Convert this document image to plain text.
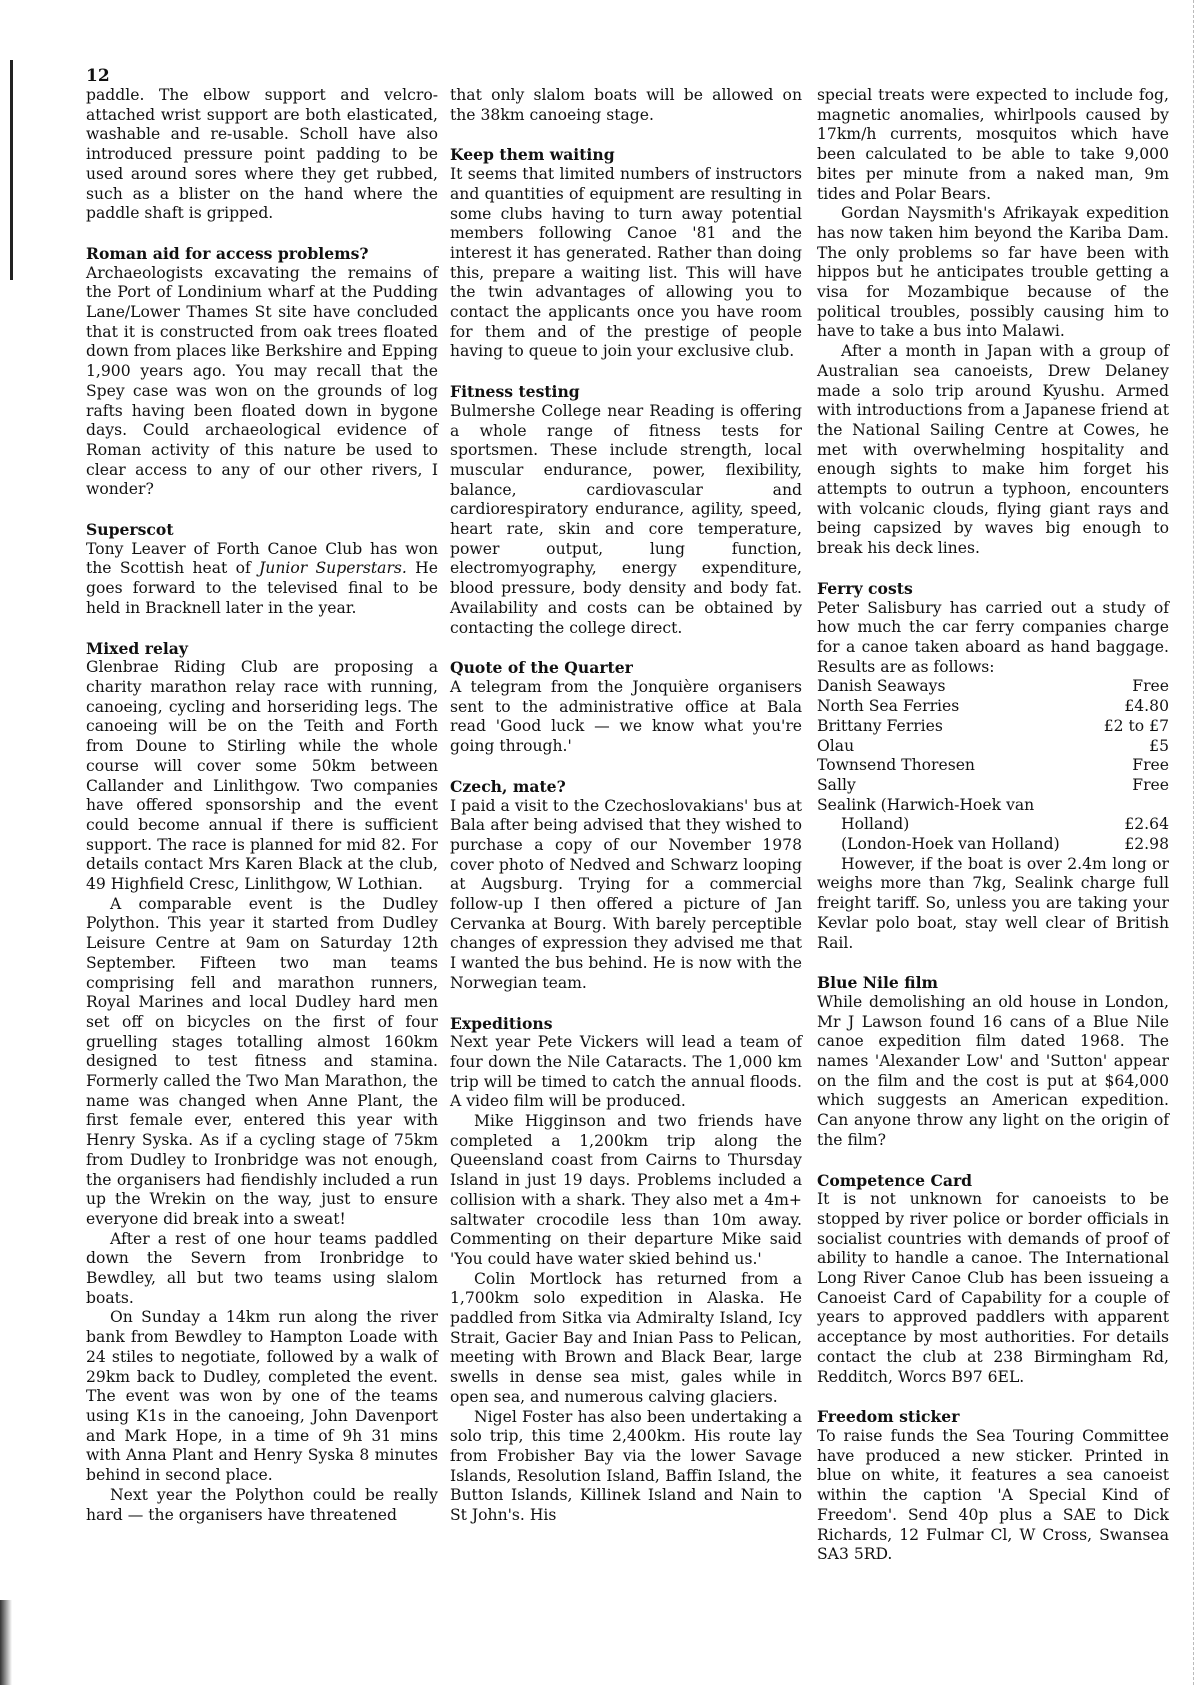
12

paddle. The elbow support and velcro-attached wrist support are both elasticated, washable and re-usable. Scholl have also introduced pressure point padding to be used around sores where they get rubbed, such as a blister on the hand where the paddle shaft is gripped.

Roman aid for access problems?

Archaeologists excavating the remains of the Port of Londinium wharf at the Pudding Lane/Lower Thames St site have concluded that it is constructed from oak trees floated down from places like Berkshire and Epping 1,900 years ago. You may recall that the Spey case was won on the grounds of log rafts having been floated down in bygone days. Could archaeological evidence of Roman activity of this nature be used to clear access to any of our other rivers, I wonder?

Superscot

Tony Leaver of Forth Canoe Club has won the Scottish heat of Junior Superstars. He goes forward to the televised final to be held in Bracknell later in the year.

Mixed relay

Glenbrae Riding Club are proposing a charity marathon relay race with running, canoeing, cycling and horseriding legs. The canoeing will be on the Teith and Forth from Doune to Stirling while the whole course will cover some 50km between Callander and Linlithgow. Two companies have offered sponsorship and the event could become annual if there is sufficient support. The race is planned for mid 82. For details contact Mrs Karen Black at the club, 49 Highfield Cresc, Linlithgow, W Lothian.

A comparable event is the Dudley Polython. This year it started from Dudley Leisure Centre at 9am on Saturday 12th September. Fifteen two man teams comprising fell and marathon runners, Royal Marines and local Dudley hard men set off on bicycles on the first of four gruelling stages totalling almost 160km designed to test fitness and stamina. Formerly called the Two Man Marathon, the name was changed when Anne Plant, the first female ever, entered this year with Henry Syska. As if a cycling stage of 75km from Dudley to Ironbridge was not enough, the organisers had fiendishly included a run up the Wrekin on the way, just to ensure everyone did break into a sweat!

After a rest of one hour teams paddled down the Severn from Ironbridge to Bewdley, all but two teams using slalom boats.

On Sunday a 14km run along the river bank from Bewdley to Hampton Loade with 24 stiles to negotiate, followed by a walk of 29km back to Dudley, completed the event. The event was won by one of the teams using K1s in the canoeing, John Davenport and Mark Hope, in a time of 9h 31 mins with Anna Plant and Henry Syska 8 minutes behind in second place.

Next year the Polython could be really hard — the organisers have threatened

that only slalom boats will be allowed on the 38km canoeing stage.

Keep them waiting

It seems that limited numbers of instructors and quantities of equipment are resulting in some clubs having to turn away potential members following Canoe '81 and the interest it has generated. Rather than doing this, prepare a waiting list. This will have the twin advantages of allowing you to contact the applicants once you have room for them and of the prestige of people having to queue to join your exclusive club.

Fitness testing

Bulmershe College near Reading is offering a whole range of fitness tests for sportsmen. These include strength, local muscular endurance, power, flexibility, balance, cardiovascular and cardiorespiratory endurance, agility, speed, heart rate, skin and core temperature, power output, lung function, electromyography, energy expenditure, blood pressure, body density and body fat. Availability and costs can be obtained by contacting the college direct.

Quote of the Quarter

A telegram from the Jonquière organisers sent to the administrative office at Bala read 'Good luck — we know what you're going through.'

Czech, mate?

I paid a visit to the Czechoslovakians' bus at Bala after being advised that they wished to purchase a copy of our November 1978 cover photo of Nedved and Schwarz looping at Augsburg. Trying for a commercial follow-up I then offered a picture of Jan Cervanka at Bourg. With barely perceptible changes of expression they advised me that I wanted the bus behind. He is now with the Norwegian team.

Expeditions

Next year Pete Vickers will lead a team of four down the Nile Cataracts. The 1,000 km trip will be timed to catch the annual floods. A video film will be produced.

Mike Higginson and two friends have completed a 1,200km trip along the Queensland coast from Cairns to Thursday Island in just 19 days. Problems included a collision with a shark. They also met a 4m+ saltwater crocodile less than 10m away. Commenting on their departure Mike said 'You could have water skied behind us.'

Colin Mortlock has returned from a 1,700km solo expedition in Alaska. He paddled from Sitka via Admiralty Island, Icy Strait, Gacier Bay and Inian Pass to Pelican, meeting with Brown and Black Bear, large swells in dense sea mist, gales while in open sea, and numerous calving glaciers.

Nigel Foster has also been undertaking a solo trip, this time 2,400km. His route lay from Frobisher Bay via the lower Savage Islands, Resolution Island, Baffin Island, the Button Islands, Killinek Island and Nain to St John's. His

special treats were expected to include fog, magnetic anomalies, whirlpools caused by 17km/h currents, mosquitos which have been calculated to be able to take 9,000 bites per minute from a naked man, 9m tides and Polar Bears.

Gordan Naysmith's Afrikayak expedition has now taken him beyond the Kariba Dam. The only problems so far have been with hippos but he anticipates trouble getting a visa for Mozambique because of the political troubles, possibly causing him to have to take a bus into Malawi.

After a month in Japan with a group of Australian sea canoeists, Drew Delaney made a solo trip around Kyushu. Armed with introductions from a Japanese friend at the National Sailing Centre at Cowes, he met with overwhelming hospitality and enough sights to make him forget his attempts to outrun a typhoon, encounters with volcanic clouds, flying giant rays and being capsized by waves big enough to break his deck lines.

Ferry costs

Peter Salisbury has carried out a study of how much the car ferry companies charge for a canoe taken aboard as hand baggage. Results are as follows:

Danish Seaways	Free
North Sea Ferries	£4.80
Brittany Ferries	£2 to £7
Olau	£5
Townsend Thoresen	Free
Sally	Free
Sealink (Harwich-Hoek van
Holland)	£2.64
(London-Hoek van Holland)	£2.98

However, if the boat is over 2.4m long or weighs more than 7kg, Sealink charge full freight tariff. So, unless you are taking your Kevlar polo boat, stay well clear of British Rail.

Blue Nile film

While demolishing an old house in London, Mr J Lawson found 16 cans of a Blue Nile canoe expedition film dated 1968. The names 'Alexander Low' and 'Sutton' appear on the film and the cost is put at $64,000 which suggests an American expedition. Can anyone throw any light on the origin of the film?

Competence Card

It is not unknown for canoeists to be stopped by river police or border officials in socialist countries with demands of proof of ability to handle a canoe. The International Long River Canoe Club has been issueing a Canoeist Card of Capability for a couple of years to approved paddlers with apparent acceptance by most authorities. For details contact the club at 238 Birmingham Rd, Redditch, Worcs B97 6EL.

Freedom sticker

To raise funds the Sea Touring Committee have produced a new sticker. Printed in blue on white, it features a sea canoeist within the caption 'A Special Kind of Freedom'. Send 40p plus a SAE to Dick Richards, 12 Fulmar Cl, W Cross, Swansea SA3 5RD.
